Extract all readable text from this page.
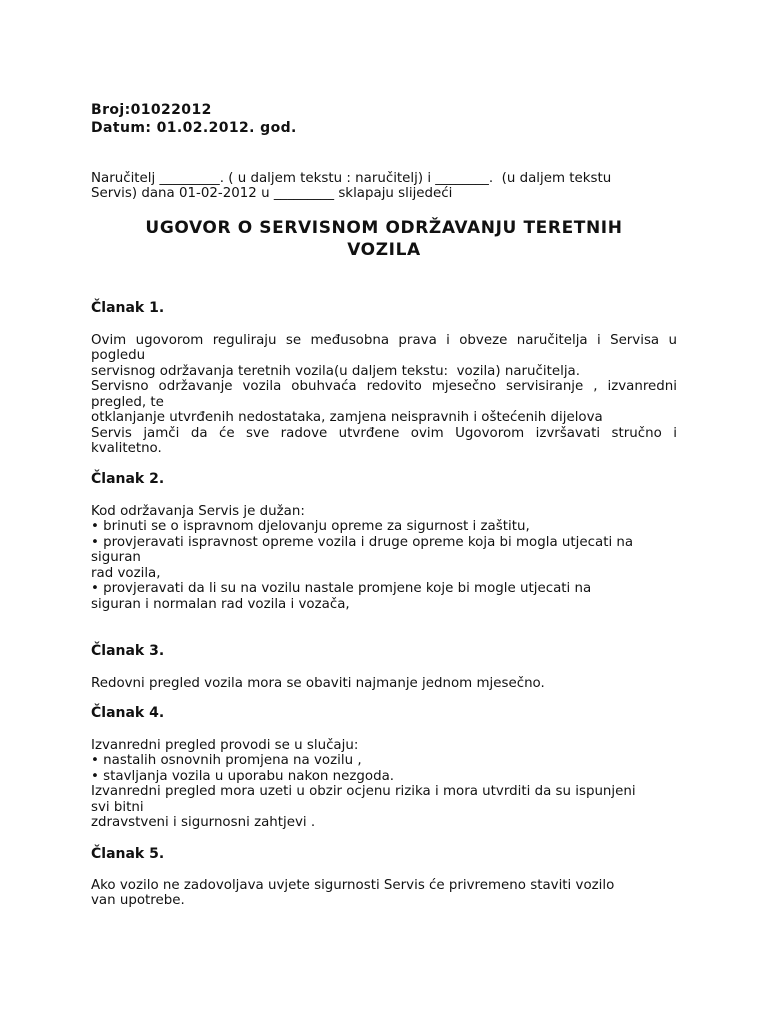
Broj:01022012
Datum: 01.02.2012. god.
Naručitelj _________. ( u daljem tekstu : naručitelj) i ________.  (u daljem tekstu
Servis) dana 01-02-2012 u _________ sklapaju slijedeći
UGOVOR O SERVISNOM ODRŽAVANJU TERETNIH
VOZILA
Članak 1.
Ovim ugovorom reguliraju se međusobna prava i obveze naručitelja i Servisa u
pogledu
servisnog održavanja teretnih vozila(u daljem tekstu:  vozila) naručitelja.
Servisno održavanje vozila obuhvaća redovito mjesečno servisiranje , izvanredni
pregled, te
otklanjanje utvrđenih nedostataka, zamjena neispravnih i oštećenih dijelova
Servis jamči da će sve radove utvrđene ovim Ugovorom izvršavati stručno i
kvalitetno.
Članak 2.
Kod održavanja Servis je dužan:
• brinuti se o ispravnom djelovanju opreme za sigurnost i zaštitu,
• provjeravati ispravnost opreme vozila i druge opreme koja bi mogla utjecati na
siguran
rad vozila,
• provjeravati da li su na vozilu nastale promjene koje bi mogle utjecati na
siguran i normalan rad vozila i vozača,
Članak 3.
Redovni pregled vozila mora se obaviti najmanje jednom mjesečno.
Članak 4.
Izvanredni pregled provodi se u slučaju:
• nastalih osnovnih promjena na vozilu ,
• stavljanja vozila u uporabu nakon nezgoda.
Izvanredni pregled mora uzeti u obzir ocjenu rizika i mora utvrditi da su ispunjeni
svi bitni
zdravstveni i sigurnosni zahtjevi .
Članak 5.
Ako vozilo ne zadovoljava uvjete sigurnosti Servis će privremeno staviti vozilo
van upotrebe.
